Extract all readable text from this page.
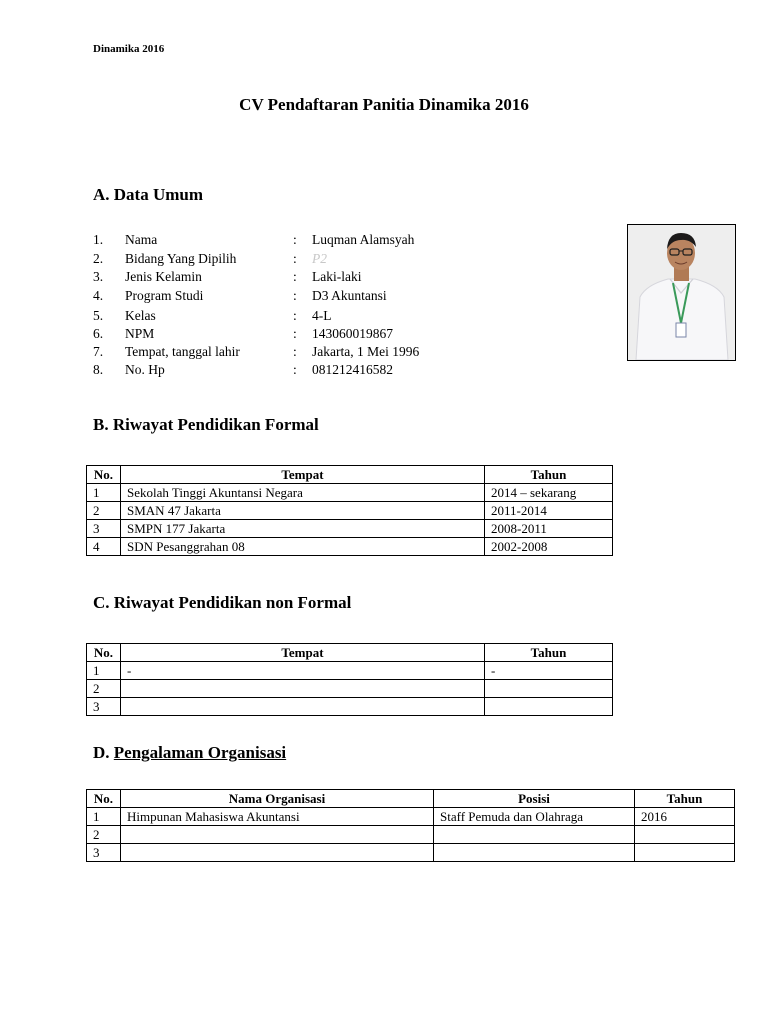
Dinamika 2016
CV Pendaftaran Panitia Dinamika 2016
A. Data Umum
1. Nama	: Luqman Alamsyah
2. Bidang Yang Dipilih	: P2
3. Jenis Kelamin	: Laki-laki
4. Program Studi	: D3 Akuntansi
5. Kelas	: 4-L
6. NPM	: 143060019867
7. Tempat, tanggal lahir	: Jakarta, 1 Mei 1996
8. No. Hp	: 081212416582
B. Riwayat Pendidikan Formal
No.	Tempat	Tahun
1	Sekolah Tinggi Akuntansi Negara	2014 – sekarang
2	SMAN 47 Jakarta	2011-2014
3	SMPN 177 Jakarta	2008-2011
4	SDN Pesanggrahan 08	2002-2008
C. Riwayat Pendidikan non Formal
No.	Tempat	Tahun
1	-	-
2		
3		
D. Pengalaman Organisasi
No.	Nama Organisasi	Posisi	Tahun
1	Himpunan Mahasiswa Akuntansi	Staff Pemuda dan Olahraga	2016
2			
3			
